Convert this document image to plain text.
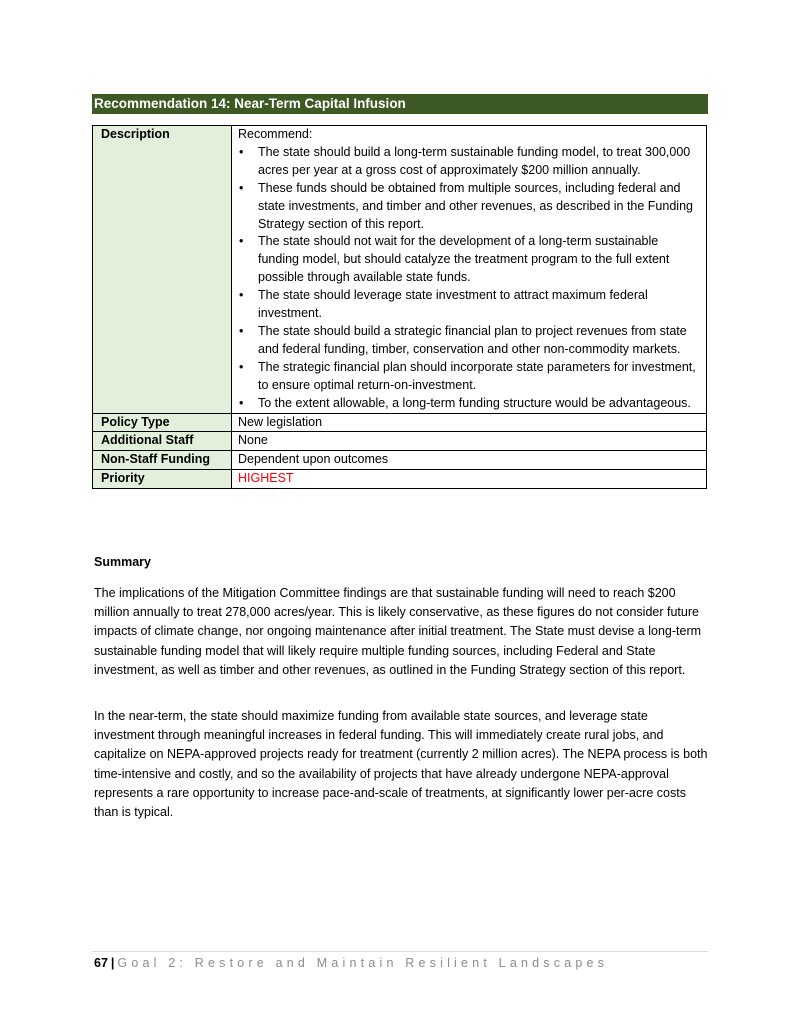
Recommendation 14: Near-Term Capital Infusion
Description	Recommend:
• The state should build a long-term sustainable funding model, to treat 300,000 acres per year at a gross cost of approximately $200 million annually.
• These funds should be obtained from multiple sources, including federal and state investments, and timber and other revenues, as described in the Funding Strategy section of this report.
• The state should not wait for the development of a long-term sustainable funding model, but should catalyze the treatment program to the full extent possible through available state funds.
• The state should leverage state investment to attract maximum federal investment.
• The state should build a strategic financial plan to project revenues from state and federal funding, timber, conservation and other non-commodity markets.
• The strategic financial plan should incorporate state parameters for investment, to ensure optimal return-on-investment.
• To the extent allowable, a long-term funding structure would be advantageous.

Policy Type	New legislation
Additional Staff	None
Non-Staff Funding	Dependent upon outcomes
Priority	HIGHEST
Summary

The implications of the Mitigation Committee findings are that sustainable funding will need to reach $200 million annually to treat 278,000 acres/year. This is likely conservative, as these figures do not consider future impacts of climate change, nor ongoing maintenance after initial treatment. The State must devise a long-term sustainable funding model that will likely require multiple funding sources, including Federal and State investment, as well as timber and other revenues, as outlined in the Funding Strategy section of this report.

In the near-term, the state should maximize funding from available state sources, and leverage state investment through meaningful increases in federal funding. This will immediately create rural jobs, and capitalize on NEPA-approved projects ready for treatment (currently 2 million acres). The NEPA process is both time-intensive and costly, and so the availability of projects that have already undergone NEPA-approval represents a rare opportunity to increase pace-and-scale of treatments, at significantly lower per-acre costs than is typical.

67 | Goal 2: Restore and Maintain Resilient Landscapes
